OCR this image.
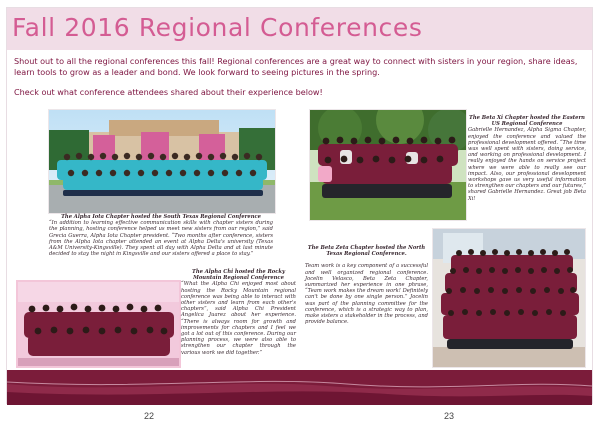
Fall 2016 Regional Conferences

Shout out to all the regional conferences this fall! Regional conferences are a great way to connect with sisters in your region, share ideas, learn tools to grow as a leader and bond. We look forward to seeing pictures in the spring.

Check out what conference attendees shared about their experience below!

The Alpha Iota Chapter hosted the South Texas Regional Conference

“In addition to learning effective communication skills with chapter sisters during the planning, hosting conference helped us meet new sisters from our region,” said Grecia Guerra, Alpha Iota Chapter president. “Two months after conference, sisters from the Alpha Iota chapter attended an event at Alpha Delta's university (Texas A&M University-Kingsville). They spent all day with Alpha Delta and at last minute decided to stay the night in Kingsville and our sisters offered a place to stay.”

The Alpha Chi hosted the Rocky Mountain Regional Conference

“What the Alpha Chi enjoyed most about hosting the Rocky Mountain regional conference was being able to interact with other sisters and learn from each other's chapters”, said Alpha Chi President Angelica Juarez about her experience. “There is always room for growth and improvements for chapters and I feel we got a lot out of this conference. During our planning process, we were also able to strengthen our chapter through the various work we did together.”

The Beta Xi Chapter hosted the Eastern US Regional Conference

Gabrielle Hernandez, Alpha Sigma Chapter, enjoyed the conference and valued the professional development offered. “The time was well spent with sisters, doing service, and working on professional development. I really enjoyed the hands on service project where we were able to really see our impact. Also, our professional development workshops gave us very useful information to strengthen our chapters and our futures,” shared Gabrielle Hernandez. Great job Beta Xi!

The Beta Zeta Chapter hosted the North Texas Regional Conference.

Team work is a key component of a successful and well organized regional conference. Jocelin Velasco, Beta Zeta Chapter, summarized her experience in one phrase, “Team work makes the dream work! Definitely can't be done by one single person.” Jocelin was part of the planning committee for the conference, which is a strategic way to plan, make sisters a stakeholder in the process, and provide balance.

22	23
